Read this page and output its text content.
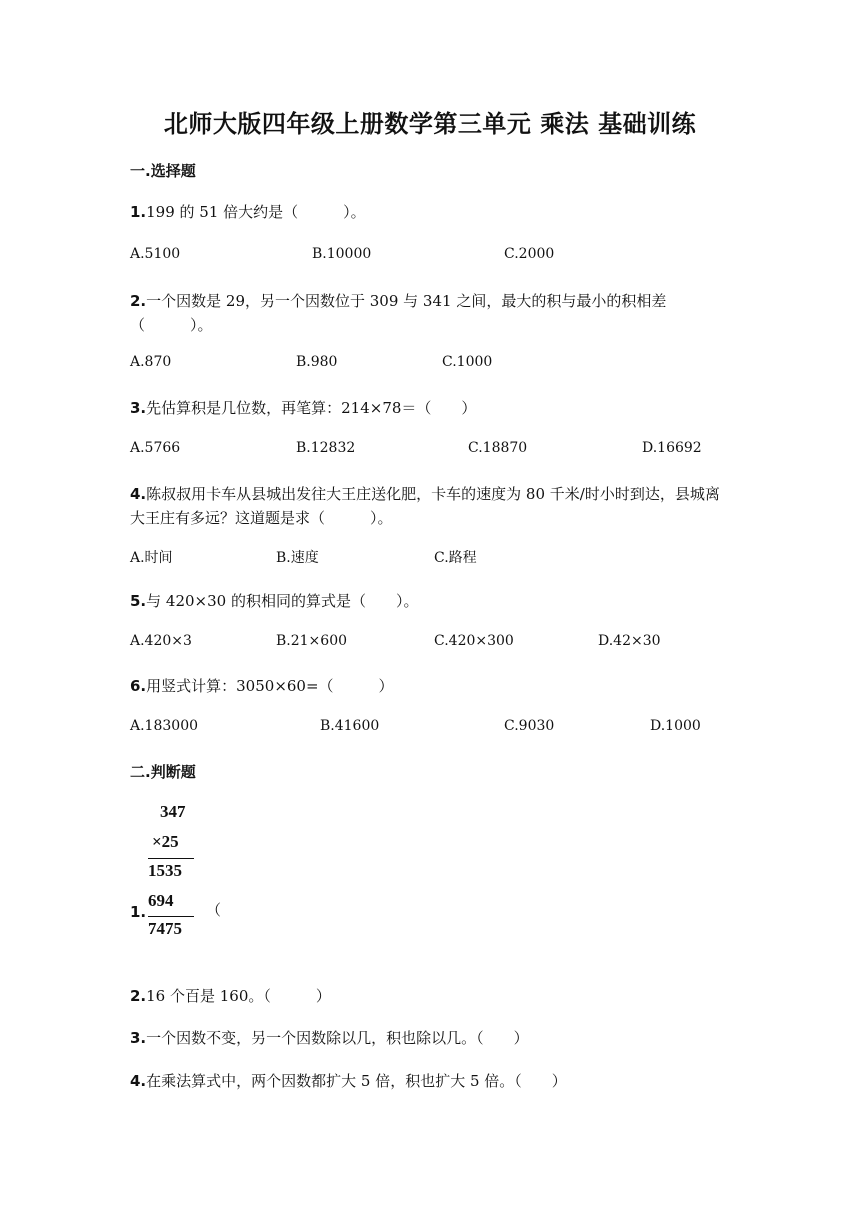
北师大版四年级上册数学第三单元 乘法 基础训练
一.选择题
1.199 的 51 倍大约是（　　　）。
A.5100	B.10000	C.2000
2.一个因数是 29，另一个因数位于 309 与 341 之间，最大的积与最小的积相差（　　　）。
A.870	B.980	C.1000
3.先估算积是几位数，再笔算：214×78＝（　　）
A.5766	B.12832	C.18870	D.16692
4.陈叔叔用卡车从县城出发往大王庄送化肥，卡车的速度为 80 千米/时小时到达，县城离大王庄有多远？这道题是求（　　　）。
A.时间	B.速度	C.路程
5.与 420×30 的积相同的算式是（　　）。
A.420×3	B.21×600	C.420×300	D.42×30
6.用竖式计算：3050×60=（　　　）
A.183000	B.41600	C.9030	D.1000
二.判断题
347
×25
1535
694
7475
1.	（
2.16 个百是 160。（　　　）
3.一个因数不变，另一个因数除以几，积也除以几。（　　）
4.在乘法算式中，两个因数都扩大 5 倍，积也扩大 5 倍。（　　）
